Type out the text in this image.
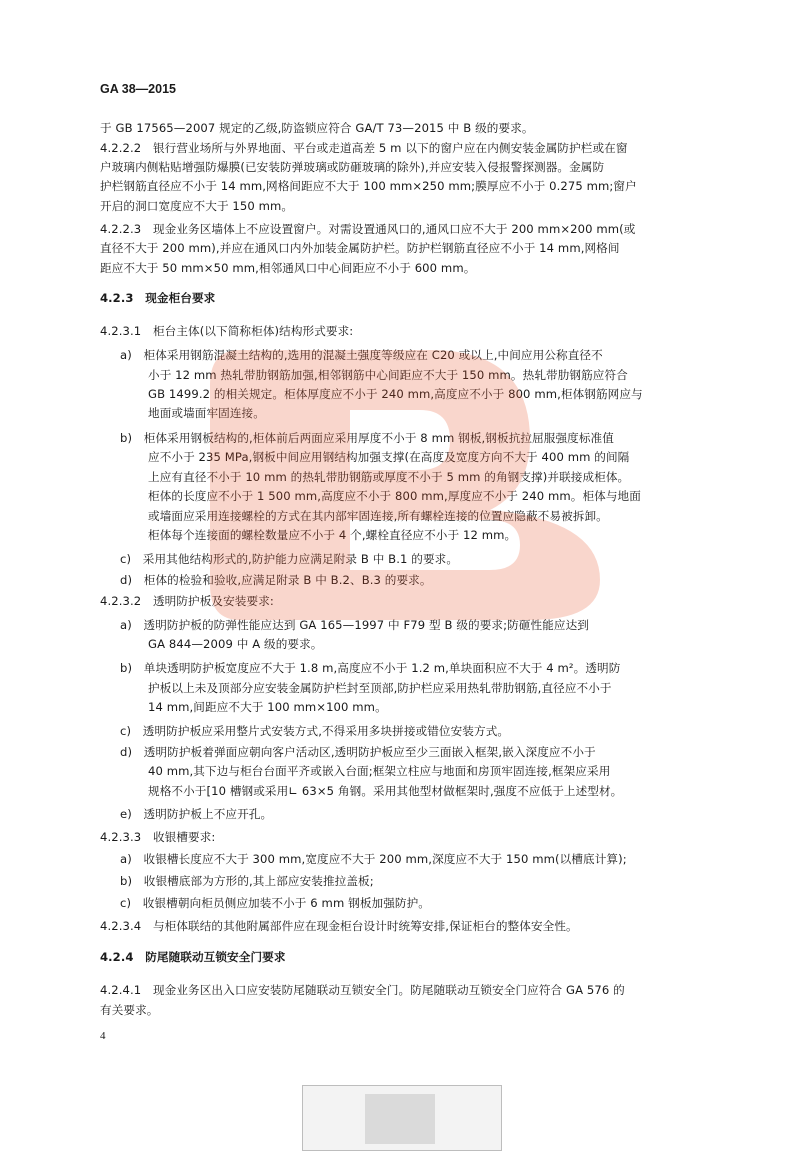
GA 38—2015
于 GB 17565—2007 规定的乙级,防盗锁应符合 GA/T 73—2015 中 B 级的要求。
4.2.2.2　银行营业场所与外界地面、平台或走道高差 5 m 以下的窗户应在内侧安装金属防护栏或在窗
户玻璃内侧粘贴增强防爆膜(已安装防弹玻璃或防砸玻璃的除外),并应安装入侵报警探测器。金属防
护栏钢筋直径应不小于 14 mm,网格间距应不大于 100 mm×250 mm;膜厚应不小于 0.275 mm;窗户
开启的洞口宽度应不大于 150 mm。
4.2.2.3　现金业务区墙体上不应设置窗户。对需设置通风口的,通风口应不大于 200 mm×200 mm(或
直径不大于 200 mm),并应在通风口内外加装金属防护栏。防护栏钢筋直径应不小于 14 mm,网格间
距应不大于 50 mm×50 mm,相邻通风口中心间距应不小于 600 mm。
4.2.3　现金柜台要求
4.2.3.1　柜台主体(以下简称柜体)结构形式要求:
a)　柜体采用钢筋混凝土结构的,选用的混凝土强度等级应在 C20 或以上,中间应用公称直径不
小于 12 mm 热轧带肋钢筋加强,相邻钢筋中心间距应不大于 150 mm。热轧带肋钢筋应符合
GB 1499.2 的相关规定。柜体厚度应不小于 240 mm,高度应不小于 800 mm,柜体钢筋网应与
地面或墙面牢固连接。
b)　柜体采用钢板结构的,柜体前后两面应采用厚度不小于 8 mm 钢板,钢板抗拉屈服强度标准值
应不小于 235 MPa,钢板中间应用钢结构加强支撑(在高度及宽度方向不大于 400 mm 的间隔
上应有直径不小于 10 mm 的热轧带肋钢筋或厚度不小于 5 mm 的角钢支撑)并联接成柜体。
柜体的长度应不小于 1 500 mm,高度应不小于 800 mm,厚度应不小于 240 mm。柜体与地面
或墙面应采用连接螺栓的方式在其内部牢固连接,所有螺栓连接的位置应隐蔽不易被拆卸。
柜体每个连接面的螺栓数量应不小于 4 个,螺栓直径应不小于 12 mm。
c)　采用其他结构形式的,防护能力应满足附录 B 中 B.1 的要求。
d)　柜体的检验和验收,应满足附录 B 中 B.2、B.3 的要求。
4.2.3.2　透明防护板及安装要求:
a)　透明防护板的防弹性能应达到 GA 165—1997 中 F79 型 B 级的要求;防砸性能应达到
GA 844—2009 中 A 级的要求。
b)　单块透明防护板宽度应不大于 1.8 m,高度应不小于 1.2 m,单块面积应不大于 4 m²。透明防
护板以上未及顶部分应安装金属防护栏封至顶部,防护栏应采用热轧带肋钢筋,直径应不小于
14 mm,间距应不大于 100 mm×100 mm。
c)　透明防护板应采用整片式安装方式,不得采用多块拼接或错位安装方式。
d)　透明防护板着弹面应朝向客户活动区,透明防护板应至少三面嵌入框架,嵌入深度应不小于
40 mm,其下边与柜台台面平齐或嵌入台面;框架立柱应与地面和房顶牢固连接,框架应采用
规格不小于[10 槽钢或采用∟ 63×5 角钢。采用其他型材做框架时,强度不应低于上述型材。
e)　透明防护板上不应开孔。
4.2.3.3　收银槽要求:
a)　收银槽长度应不大于 300 mm,宽度应不大于 200 mm,深度应不大于 150 mm(以槽底计算);
b)　收银槽底部为方形的,其上部应安装推拉盖板;
c)　收银槽朝向柜员侧应加装不小于 6 mm 钢板加强防护。
4.2.3.4　与柜体联结的其他附属部件应在现金柜台设计时统筹安排,保证柜台的整体安全性。
4.2.4　防尾随联动互锁安全门要求
4.2.4.1　现金业务区出入口应安装防尾随联动互锁安全门。防尾随联动互锁安全门应符合 GA 576 的
有关要求。
4
